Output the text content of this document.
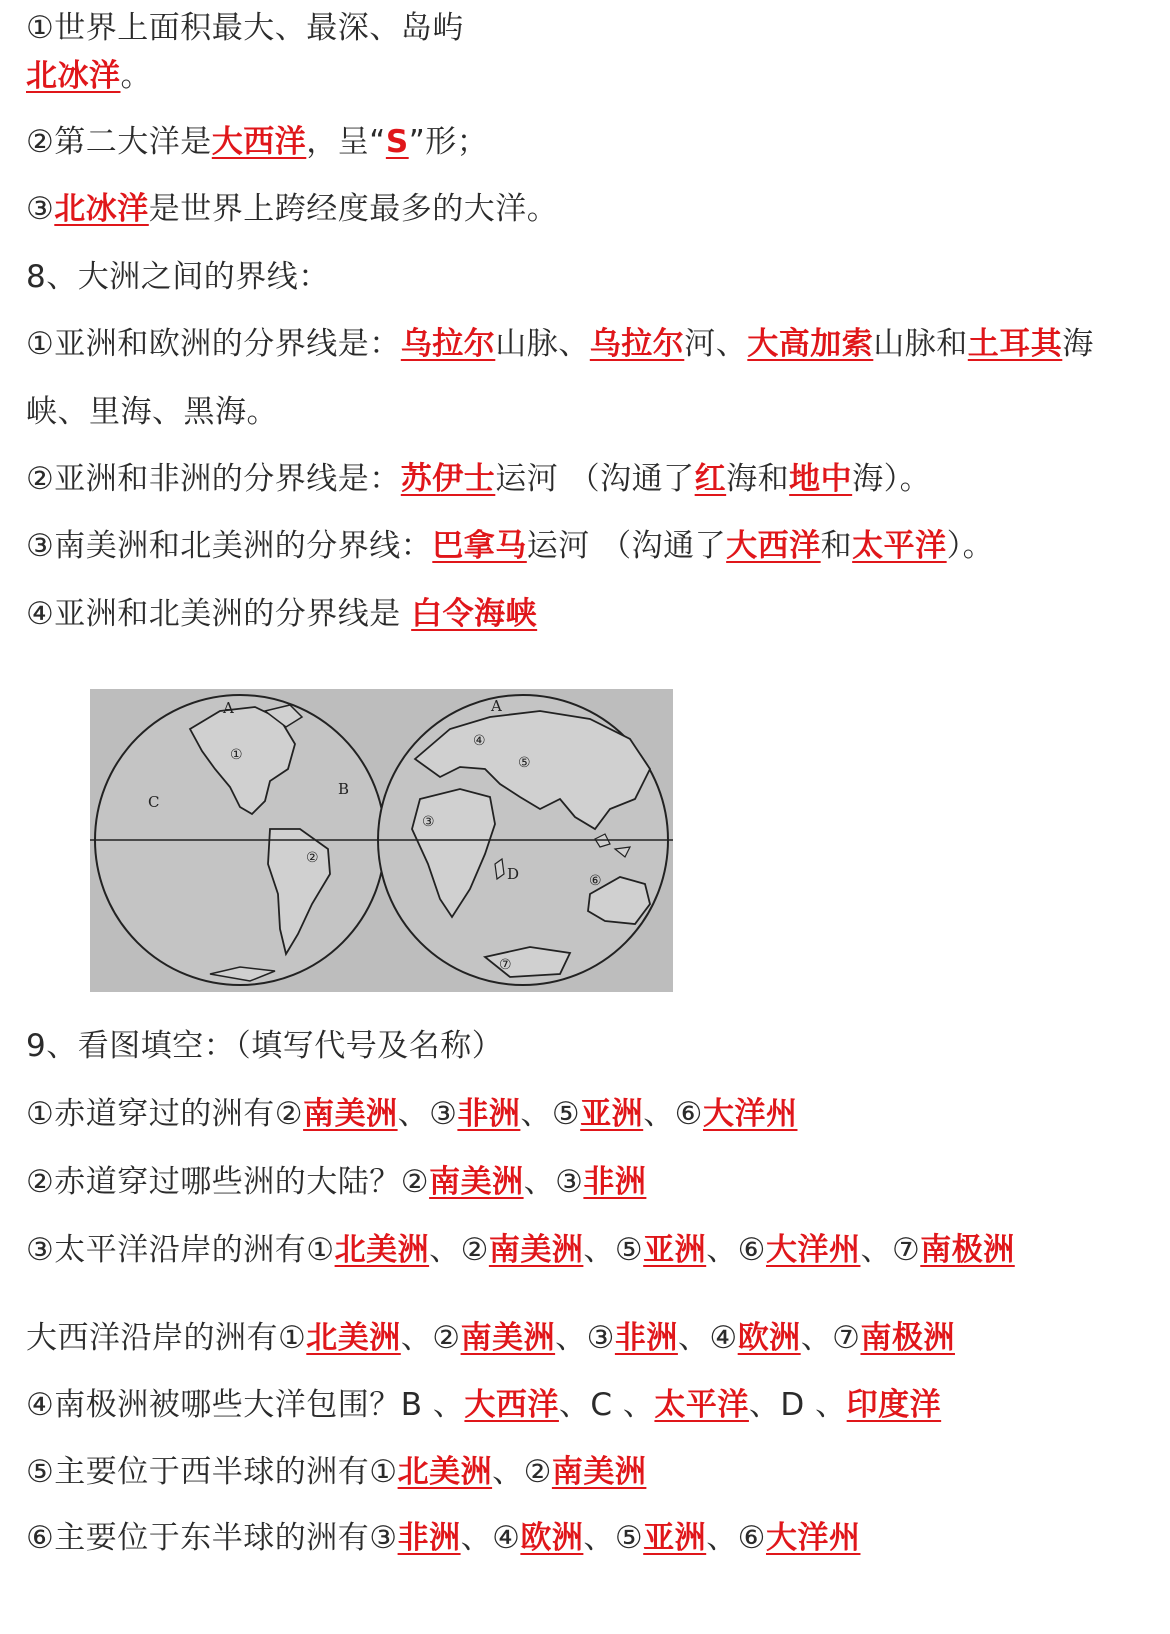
①世界上面积最大、最深、岛屿
北冰洋。
②第二大洋是大西洋，呈“S”形；
③北冰洋是世界上跨经度最多的大洋。
8、大洲之间的界线：
①亚洲和欧洲的分界线是：乌拉尔山脉、乌拉尔河、大高加索山脉和土耳其海
峡、里海、黑海。
②亚洲和非洲的分界线是：苏伊士运河 （沟通了红海和地中海）。
③南美洲和北美洲的分界线：巴拿马运河 （沟通了大西洋和太平洋）。
④亚洲和北美洲的分界线是 白令海峡
A
B
C
A
D
①
②
③
④
⑤
⑥
⑦
9、看图填空：（填写代号及名称）
①赤道穿过的洲有②南美洲、③非洲、⑤亚洲、⑥大洋州
②赤道穿过哪些洲的大陆？②南美洲、③非洲
③太平洋沿岸的洲有①北美洲、②南美洲、⑤亚洲、⑥大洋州、⑦南极洲
大西洋沿岸的洲有①北美洲、②南美洲、③非洲、④欧洲、⑦南极洲
④南极洲被哪些大洋包围？B 、大西洋、C 、太平洋、D 、印度洋
⑤主要位于西半球的洲有①北美洲、②南美洲
⑥主要位于东半球的洲有③非洲、④欧洲、⑤亚洲、⑥大洋州
